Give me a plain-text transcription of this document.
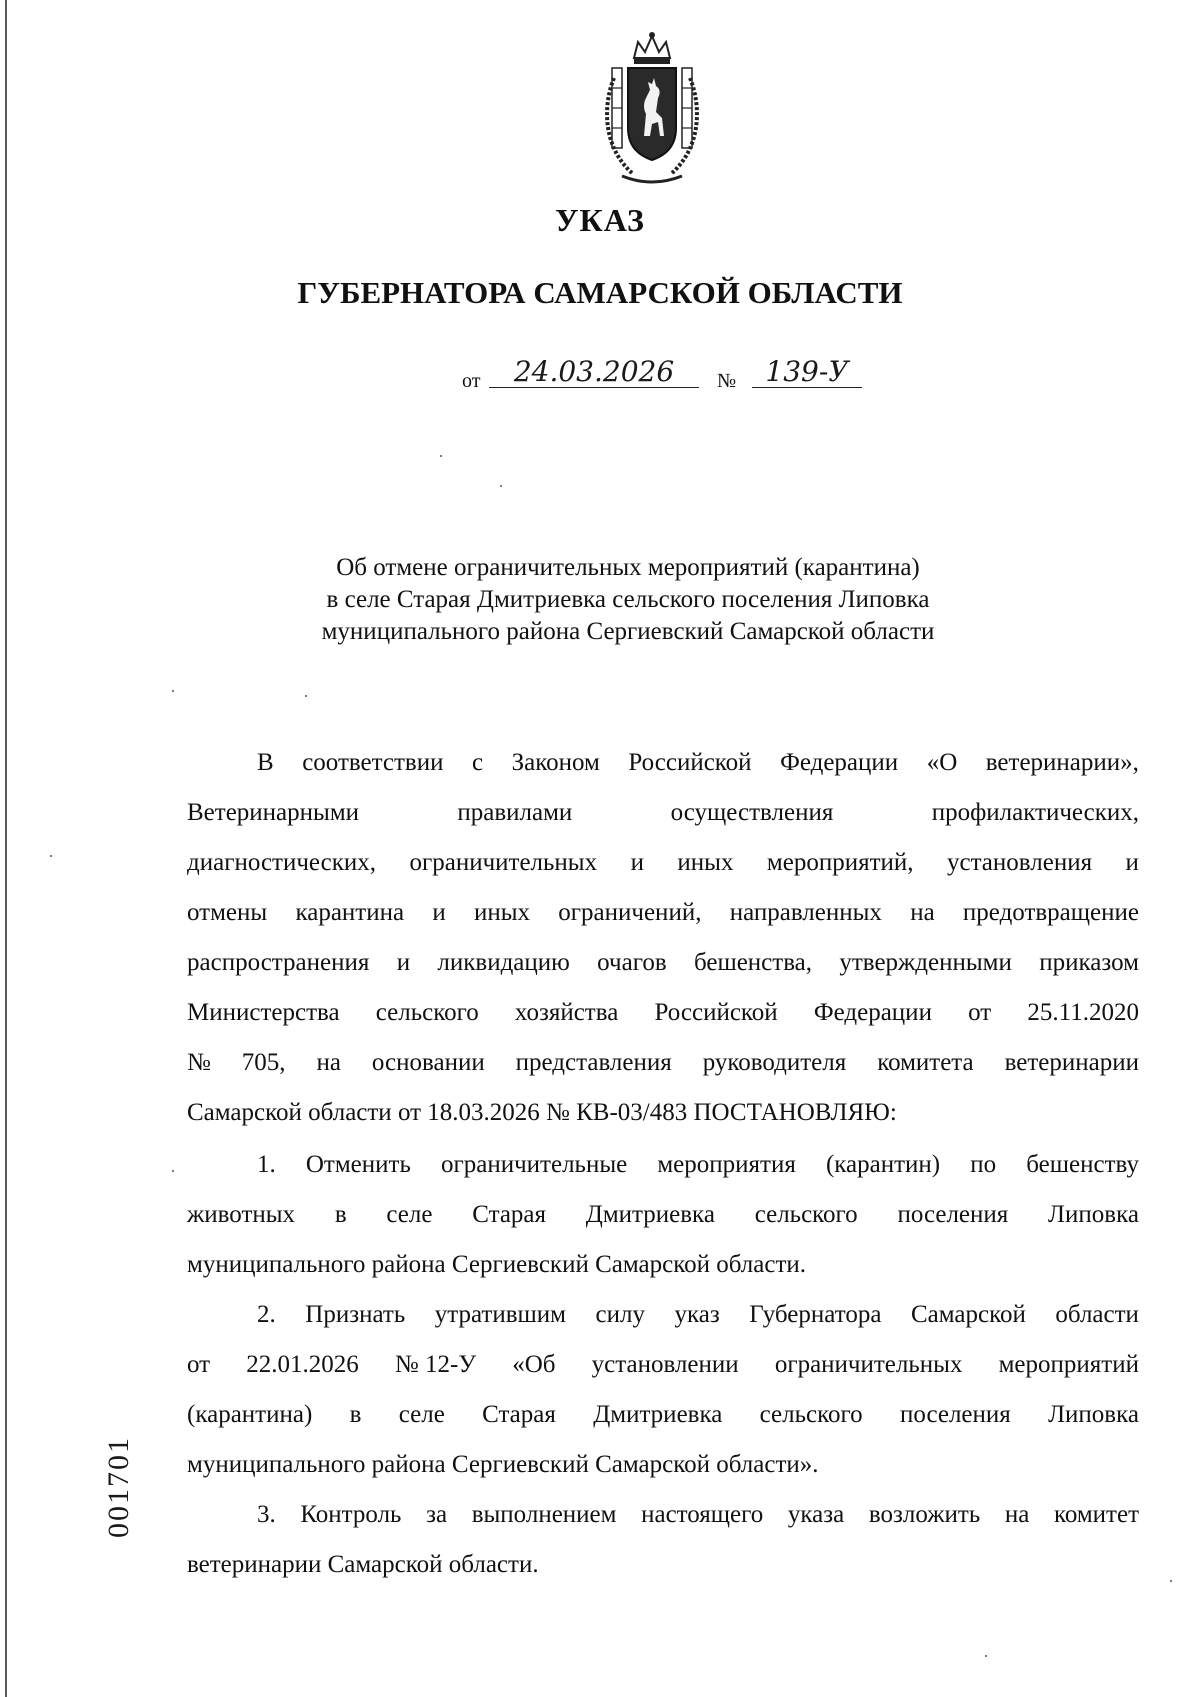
УКАЗ
ГУБЕРНАТОРА САМАРСКОЙ ОБЛАСТИ
от	24.03.2026	№	139-У
Об отмене ограничительных мероприятий (карантина)
в селе Старая Дмитриевка сельского поселения Липовка
муниципального района Сергиевский Самарской области
В соответствии с Законом Российской Федерации «О ветеринарии»,
Ветеринарными	правилами	осуществления	профилактических,
диагностических, ограничительных и иных мероприятий, установления и
отмены карантина и иных ограничений, направленных на предотвращение
распространения и ликвидацию очагов бешенства, утвержденными приказом
Министерства сельского хозяйства Российской Федерации от 25.11.2020
№ 705, на основании представления руководителя комитета ветеринарии
Самарской области от 18.03.2026 № КВ-03/483 ПОСТАНОВЛЯЮ:
1. Отменить ограничительные мероприятия (карантин) по бешенству
животных в селе Старая Дмитриевка сельского поселения Липовка
муниципального района Сергиевский Самарской области.
2. Признать утратившим силу указ Губернатора Самарской области
от 22.01.2026 № 12-У «Об установлении ограничительных мероприятий
(карантина) в селе Старая Дмитриевка сельского поселения Липовка
муниципального района Сергиевский Самарской области».
3. Контроль за выполнением настоящего указа возложить на комитет
ветеринарии Самарской области.
001701
